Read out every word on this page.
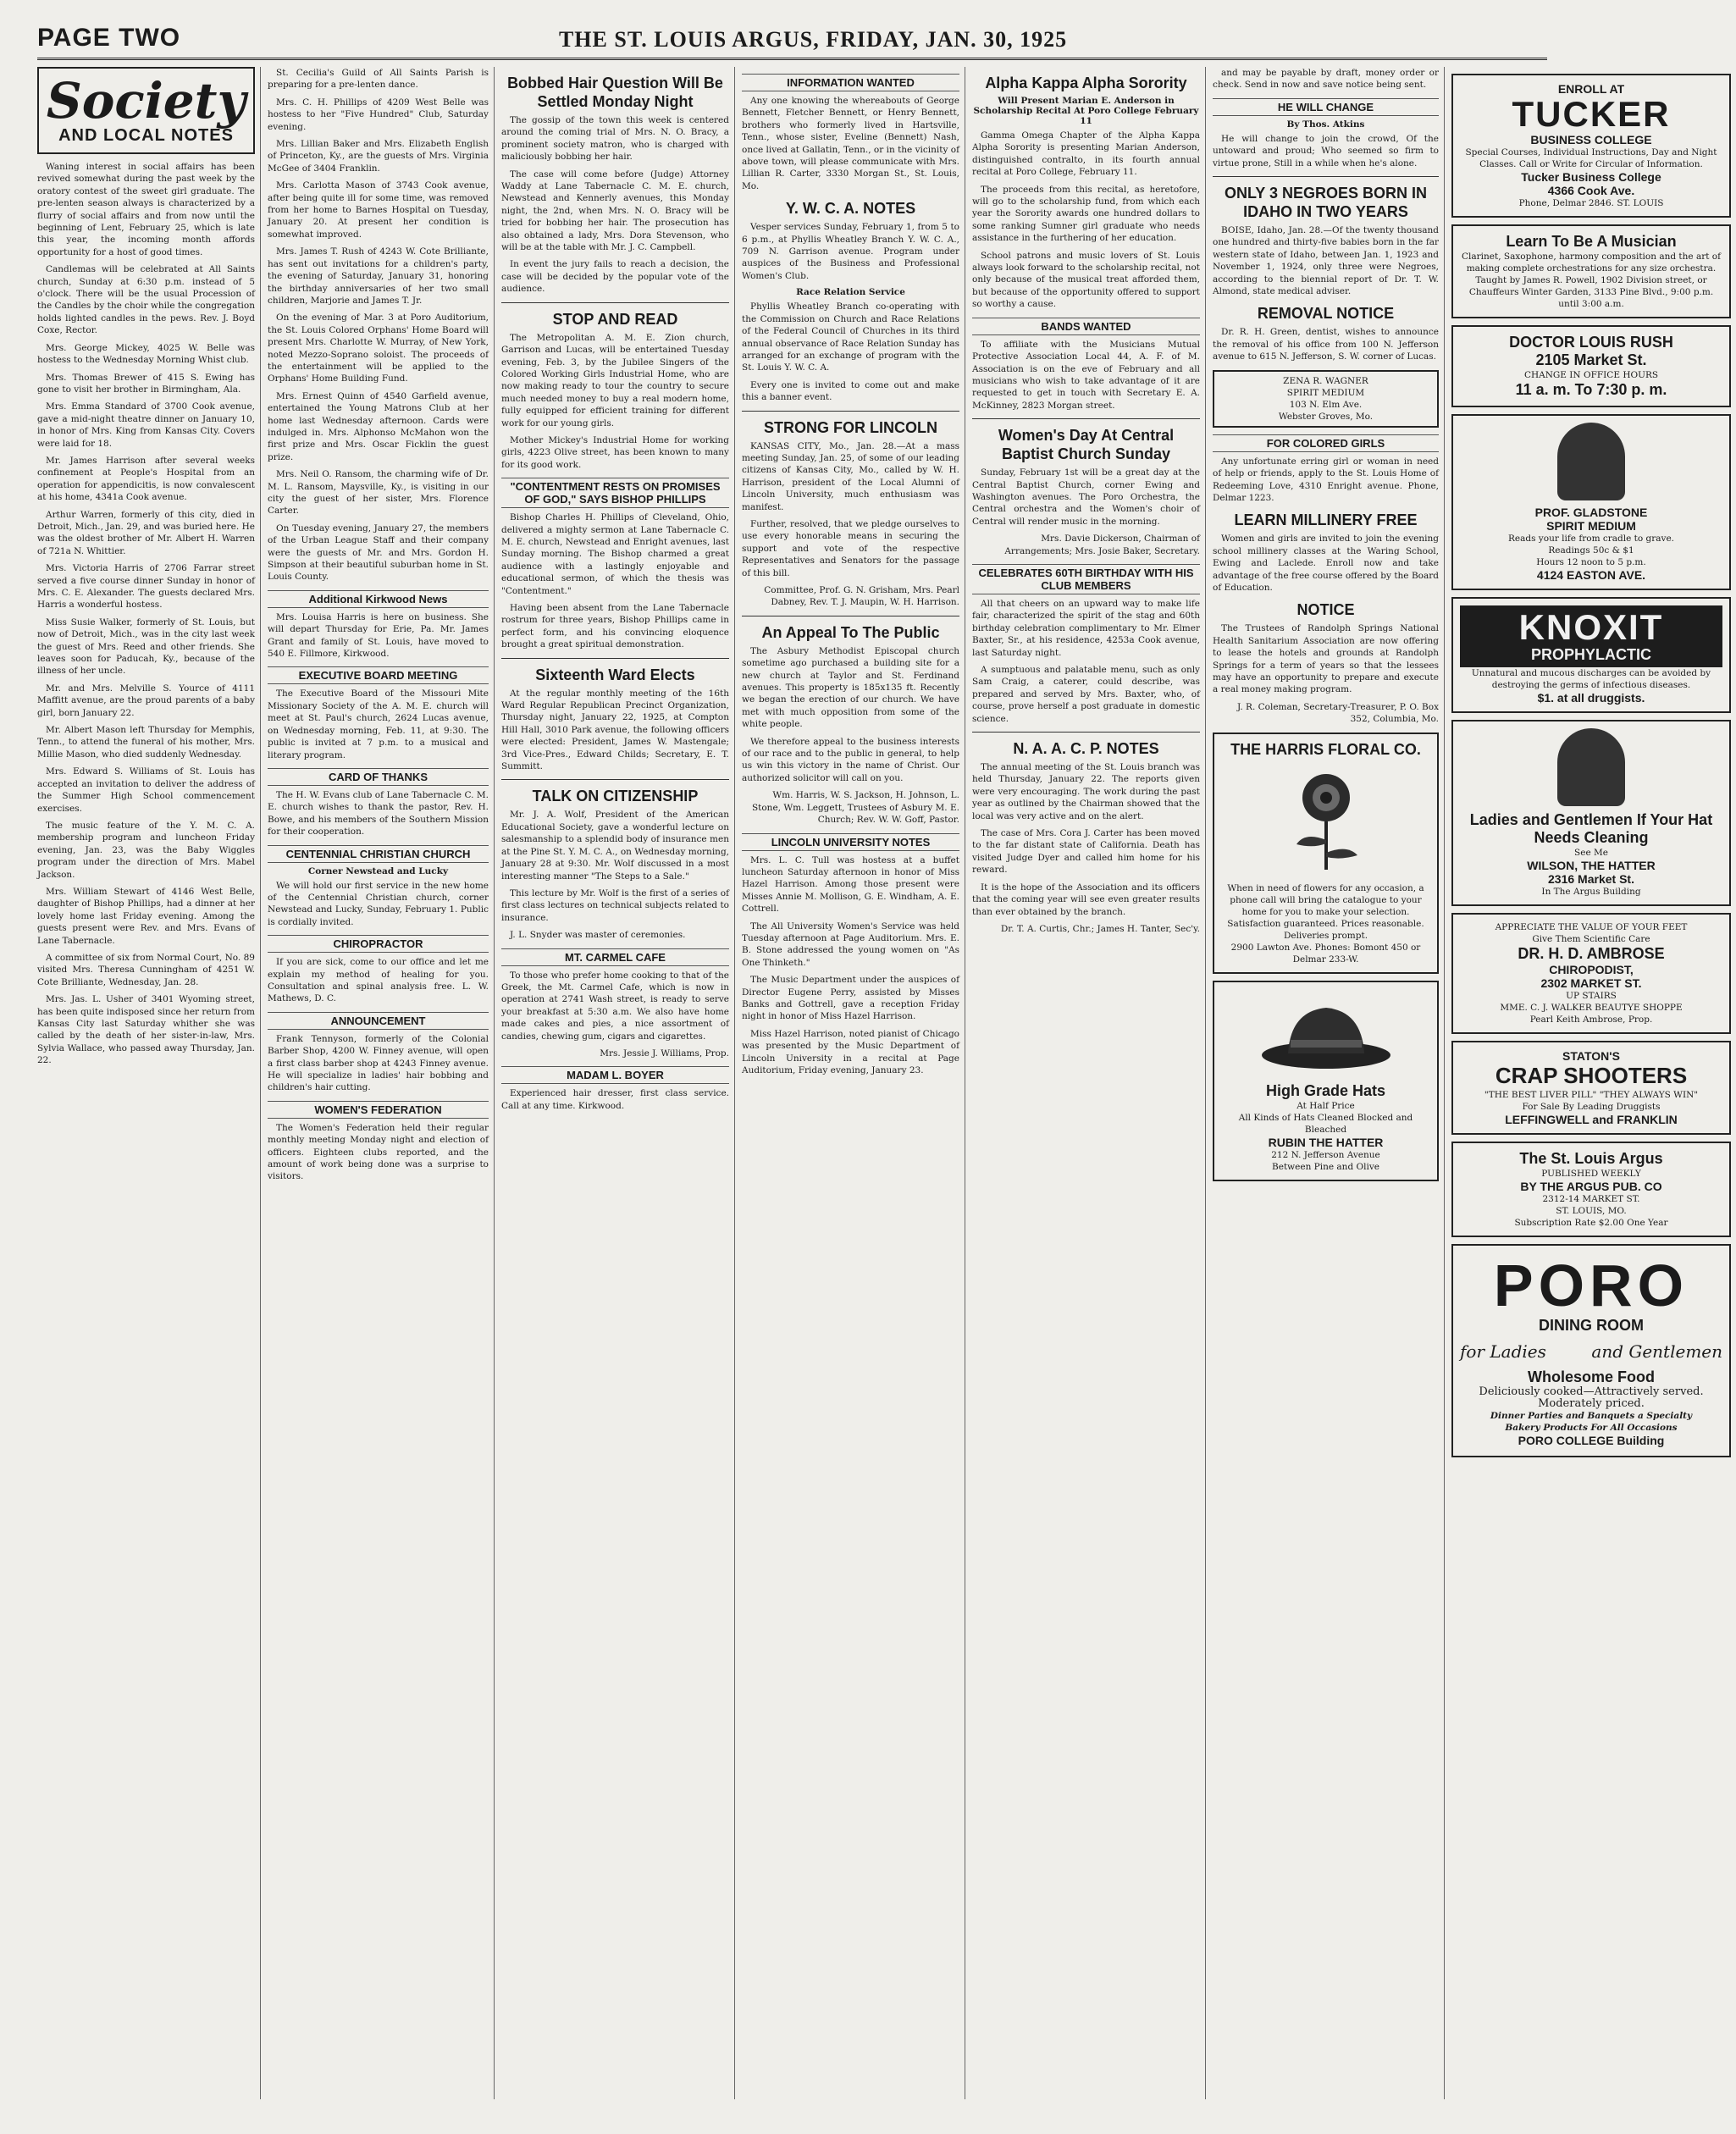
PAGE TWO	THE ST. LOUIS ARGUS, FRIDAY, JAN. 30, 1925
Society
AND LOCAL NOTES

Waning interest in social affairs has been revived somewhat during the past week by the oratory contest of the sweet girl graduate. The pre-lenten season always is characterized by a flurry of social affairs and from now until the beginning of Lent, February 25, which is late this year, the incoming month affords opportunity for a host of good times.

Candlemas will be celebrated at All Saints church, Sunday at 6:30 p.m. instead of 5 o'clock. There will be the usual Procession of the Candles by the choir while the congregation holds lighted candles in the pews. Rev. J. Boyd Coxe, Rector.

Mrs. George Mickey, 4025 W. Belle was hostess to the Wednesday Morning Whist club.

Mrs. Thomas Brewer of 415 S. Ewing has gone to visit her brother in Birmingham, Ala.

Mrs. Emma Standard of 3700 Cook avenue, gave a mid-night theatre dinner on January 10, in honor of Mrs. King from Kansas City. Covers were laid for 18.

Mr. James Harrison after several weeks confinement at People's Hospital from an operation for appendicitis, is now convalescent at his home, 4341a Cook avenue.

Arthur Warren, formerly of this city, died in Detroit, Mich., Jan. 29, and was buried here. He was the oldest brother of Mr. Albert H. Warren of 721a N. Whittier.

Mrs. Victoria Harris of 2706 Farrar street served a five course dinner Sunday in honor of Mrs. C. E. Alexander. The guests declared Mrs. Harris a wonderful hostess.

Miss Susie Walker, formerly of St. Louis, but now of Detroit, Mich., was in the city last week the guest of Mrs. Reed and other friends. She leaves soon for Paducah, Ky., because of the illness of her uncle.

Mr. and Mrs. Melville S. Yource of 4111 Maffitt avenue, are the proud parents of a baby girl, born January 22.

Mr. Albert Mason left Thursday for Memphis, Tenn., to attend the funeral of his mother, Mrs. Millie Mason, who died suddenly Wednesday.

Mrs. Edward S. Williams of St. Louis has accepted an invitation to deliver the address of the Summer High School commencement exercises.

The music feature of the Y. M. C. A. membership program and luncheon Friday evening, Jan. 23, was the Baby Wiggles program under the direction of Mrs. Mabel Jackson.

Mrs. William Stewart of 4146 West Belle, daughter of Bishop Phillips, had a dinner at her lovely home last Friday evening. Among the guests present were Rev. and Mrs. Evans of Lane Tabernacle.

A committee of six from Normal Court, No. 89 visited Mrs. Theresa Cunningham of 4251 W. Cote Brilliante, Wednesday, Jan. 28.

Mrs. Jas. L. Usher of 3401 Wyoming street, has been quite indisposed since her return from Kansas City last Saturday whither she was called by the death of her sister-in-law, Mrs. Sylvia Wallace, who passed away Thursday, Jan. 22.

St. Cecilia's Guild of All Saints Parish is preparing for a pre-lenten dance.

Mrs. C. H. Phillips of 4209 West Belle was hostess to her "Five Hundred" Club, Saturday evening.

Mrs. Lillian Baker and Mrs. Elizabeth English of Princeton, Ky., are the guests of Mrs. Virginia McGee of 3404 Franklin.

Mrs. Carlotta Mason of 3743 Cook avenue, after being quite ill for some time, was removed from her home to Barnes Hospital on Tuesday, January 20. At present her condition is somewhat improved.

Mrs. James T. Rush of 4243 W. Cote Brilliante, has sent out invitations for a children's party, the evening of Saturday, January 31, honoring the birthday anniversaries of her two small children, Marjorie and James T. Jr.

On the evening of Mar. 3 at Poro Auditorium, the St. Louis Colored Orphans' Home Board will present Mrs. Charlotte W. Murray, of New York, noted Mezzo-Soprano soloist. The proceeds of the entertainment will be applied to the Orphans' Home Building Fund.

Mrs. Ernest Quinn of 4540 Garfield avenue, entertained the Young Matrons Club at her home last Wednesday afternoon. Cards were indulged in. Mrs. Alphonso McMahon won the first prize and Mrs. Oscar Ficklin the guest prize.

Mrs. Neil O. Ransom, the charming wife of Dr. M. L. Ransom, Maysville, Ky., is visiting in our city the guest of her sister, Mrs. Florence Carter.

On Tuesday evening, January 27, the members of the Urban League Staff and their company were the guests of Mr. and Mrs. Gordon H. Simpson at their beautiful suburban home in St. Louis County.

Additional Kirkwood News

Mrs. Louisa Harris is here on business. She will depart Thursday for Erie, Pa. Mr. James Grant and family of St. Louis, have moved to 540 E. Fillmore, Kirkwood.

EXECUTIVE BOARD MEETING

The Executive Board of the Missouri Mite Missionary Society of the A. M. E. church will meet at St. Paul's church, 2624 Lucas avenue, on Wednesday morning, Feb. 11, at 9:30. The public is invited at 7 p.m. to a musical and literary program.

CARD OF THANKS

The H. W. Evans club of Lane Tabernacle C. M. E. church wishes to thank the pastor, Rev. H. Bowe, and his members of the Southern Mission for their cooperation.

CENTENNIAL CHRISTIAN CHURCH
Corner Newstead and Lucky

We will hold our first service in the new home of the Centennial Christian church, corner Newstead and Lucky, Sunday, February 1. Public is cordially invited.

CHIROPRACTOR

If you are sick, come to our office and let me explain my method of healing for you. Consultation and spinal analysis free. L. W. Mathews, D. C.

ANNOUNCEMENT

Frank Tennyson, formerly of the Colonial Barber Shop, 4200 W. Finney avenue, will open a first class barber shop at 4243 Finney avenue. He will specialize in ladies' hair bobbing and children's hair cutting.

WOMEN'S FEDERATION

The Women's Federation held their regular monthly meeting Monday night and election of officers. Eighteen clubs reported, and the amount of work being done was a surprise to visitors.

Bobbed Hair Question Will Be Settled Monday Night

The gossip of the town this week is centered around the coming trial of Mrs. N. O. Bracy, a prominent society matron, who is charged with maliciously bobbing her hair.

The case will come before (Judge) Attorney Waddy at Lane Tabernacle C. M. E. church, Newstead and Kennerly avenues, this Monday night, the 2nd, when Mrs. N. O. Bracy will be tried for bobbing her hair. The prosecution has also obtained a lady, Mrs. Dora Stevenson, who will be at the table with Mr. J. C. Campbell.

In event the jury fails to reach a decision, the case will be decided by the popular vote of the audience.

STOP AND READ

The Metropolitan A. M. E. Zion church, Garrison and Lucas, will be entertained Tuesday evening, Feb. 3, by the Jubilee Singers of the Colored Working Girls Industrial Home, who are now making ready to tour the country to secure much needed money to buy a real modern home, fully equipped for efficient training for different work for our young girls.

Mother Mickey's Industrial Home for working girls, 4223 Olive street, has been known to many for its good work.

"CONTENTMENT RESTS ON PROMISES OF GOD," SAYS BISHOP PHILLIPS

Bishop Charles H. Phillips of Cleveland, Ohio, delivered a mighty sermon at Lane Tabernacle C. M. E. church, Newstead and Enright avenues, last Sunday morning. The Bishop charmed a great audience with a lastingly enjoyable and educational sermon, of which the thesis was "Contentment."

Having been absent from the Lane Tabernacle rostrum for three years, Bishop Phillips came in perfect form, and his convincing eloquence brought a great spiritual demonstration.

Sixteenth Ward Elects

At the regular monthly meeting of the 16th Ward Regular Republican Precinct Organization, Thursday night, January 22, 1925, at Compton Hill Hall, 3010 Park avenue, the following officers were elected: President, James W. Mastengale; 3rd Vice-Pres., Edward Childs; Secretary, E. T. Summitt.

TALK ON CITIZENSHIP

Mr. J. A. Wolf, President of the American Educational Society, gave a wonderful lecture on salesmanship to a splendid body of insurance men at the Pine St. Y. M. C. A., on Wednesday morning, January 28 at 9:30. Mr. Wolf discussed in a most interesting manner "The Steps to a Sale."

This lecture by Mr. Wolf is the first of a series of first class lectures on technical subjects related to insurance.

J. L. Snyder was master of ceremonies.

MT. CARMEL CAFE

To those who prefer home cooking to that of the Greek, the Mt. Carmel Cafe, which is now in operation at 2741 Wash street, is ready to serve your breakfast at 5:30 a.m. We also have home made cakes and pies, a nice assortment of candies, chewing gum, cigars and cigarettes.

Mrs. Jessie J. Williams, Prop.

MADAM L. BOYER

Experienced hair dresser, first class service. Call at any time. Kirkwood.

INFORMATION WANTED

Any one knowing the whereabouts of George Bennett, Fletcher Bennett, or Henry Bennett, brothers who formerly lived in Hartsville, Tenn., whose sister, Eveline (Bennett) Nash, once lived at Gallatin, Tenn., or in the vicinity of above town, will please communicate with Mrs. Lillian R. Carter, 3330 Morgan St., St. Louis, Mo.

Y. W. C. A. NOTES

Vesper services Sunday, February 1, from 5 to 6 p.m., at Phyllis Wheatley Branch Y. W. C. A., 709 N. Garrison avenue. Program under auspices of the Business and Professional Women's Club.

Race Relation Service

Phyllis Wheatley Branch co-operating with the Commission on Church and Race Relations of the Federal Council of Churches in its third annual observance of Race Relation Sunday has arranged for an exchange of program with the St. Louis Y. W. C. A.

Every one is invited to come out and make this a banner event.

STRONG FOR LINCOLN

KANSAS CITY, Mo., Jan. 28.—At a mass meeting Sunday, Jan. 25, of some of our leading citizens of Kansas City, Mo., called by W. H. Harrison, president of the Local Alumni of Lincoln University, much enthusiasm was manifest.

Further, resolved, that we pledge ourselves to use every honorable means in securing the support and vote of the respective Representatives and Senators for the passage of this bill.

Committee, Prof. G. N. Grisham, Mrs. Pearl Dabney, Rev. T. J. Maupin, W. H. Harrison.

An Appeal To The Public

The Asbury Methodist Episcopal church sometime ago purchased a building site for a new church at Taylor and St. Ferdinand avenues. This property is 185x135 ft. Recently we began the erection of our church. We have met with much opposition from some of the white people.

We therefore appeal to the business interests of our race and to the public in general, to help us win this victory in the name of Christ. Our authorized solicitor will call on you.

Wm. Harris, W. S. Jackson, H. Johnson, L. Stone, Wm. Leggett, Trustees of Asbury M. E. Church; Rev. W. W. Goff, Pastor.

LINCOLN UNIVERSITY NOTES

Mrs. L. C. Tull was hostess at a buffet luncheon Saturday afternoon in honor of Miss Hazel Harrison. Among those present were Misses Annie M. Mollison, G. E. Windham, A. E. Cottrell.

The All University Women's Service was held Tuesday afternoon at Page Auditorium. Mrs. E. B. Stone addressed the young women on "As One Thinketh."

The Music Department under the auspices of Director Eugene Perry, assisted by Misses Banks and Gottrell, gave a reception Friday night in honor of Miss Hazel Harrison.

Miss Hazel Harrison, noted pianist of Chicago was presented by the Music Department of Lincoln University in a recital at Page Auditorium, Friday evening, January 23.

Alpha Kappa Alpha Sorority
Will Present Marian E. Anderson in Scholarship Recital At Poro College February 11

Gamma Omega Chapter of the Alpha Kappa Alpha Sorority is presenting Marian Anderson, distinguished contralto, in its fourth annual recital at Poro College, February 11.

The proceeds from this recital, as heretofore, will go to the scholarship fund, from which each year the Sorority awards one hundred dollars to some ranking Sumner girl graduate who needs assistance in the furthering of her education.

School patrons and music lovers of St. Louis always look forward to the scholarship recital, not only because of the musical treat afforded them, but because of the opportunity offered to support so worthy a cause.

BANDS WANTED

To affiliate with the Musicians Mutual Protective Association Local 44, A. F. of M. Association is on the eve of February and all musicians who wish to take advantage of it are requested to get in touch with Secretary E. A. McKinney, 2823 Morgan street.

Women's Day At Central Baptist Church Sunday

Sunday, February 1st will be a great day at the Central Baptist Church, corner Ewing and Washington avenues. The Poro Orchestra, the Central orchestra and the Women's choir of Central will render music in the morning.

Mrs. Davie Dickerson, Chairman of Arrangements; Mrs. Josie Baker, Secretary.

CELEBRATES 60TH BIRTHDAY WITH HIS CLUB MEMBERS

All that cheers on an upward way to make life fair, characterized the spirit of the stag and 60th birthday celebration complimentary to Mr. Elmer Baxter, Sr., at his residence, 4253a Cook avenue, last Saturday night.

A sumptuous and palatable menu, such as only Sam Craig, a caterer, could describe, was prepared and served by Mrs. Baxter, who, of course, prove herself a post graduate in domestic science.

N. A. A. C. P. NOTES

The annual meeting of the St. Louis branch was held Thursday, January 22. The reports given were very encouraging. The work during the past year as outlined by the Chairman showed that the local was very active and on the alert.

The case of Mrs. Cora J. Carter has been moved to the far distant state of California. Death has visited Judge Dyer and called him home for his reward.

It is the hope of the Association and its officers that the coming year will see even greater results than ever obtained by the branch.

Dr. T. A. Curtis, Chr.; James H. Tanter, Sec'y.

and may be payable by draft, money order or check. Send in now and save notice being sent.

HE WILL CHANGE
By Thos. Atkins

He will change to join the crowd, Of the untoward and proud; Who seemed so firm to virtue prone, Still in a while when he's alone.

ONLY 3 NEGROES BORN IN IDAHO IN TWO YEARS

BOISE, Idaho, Jan. 28.—Of the twenty thousand one hundred and thirty-five babies born in the far western state of Idaho, between Jan. 1, 1923 and November 1, 1924, only three were Negroes, according to the biennial report of Dr. T. W. Almond, state medical adviser.

REMOVAL NOTICE

Dr. R. H. Green, dentist, wishes to announce the removal of his office from 100 N. Jefferson avenue to 615 N. Jefferson, S. W. corner of Lucas.

ZENA R. WAGNER
SPIRIT MEDIUM
103 N. Elm Ave.
Webster Groves, Mo.
FOR COLORED GIRLS

Any unfortunate erring girl or woman in need of help or friends, apply to the St. Louis Home of Redeeming Love, 4310 Enright avenue. Phone, Delmar 1223.

LEARN MILLINERY FREE

Women and girls are invited to join the evening school millinery classes at the Waring School, Ewing and Laclede. Enroll now and take advantage of the free course offered by the Board of Education.

NOTICE

The Trustees of Randolph Springs National Health Sanitarium Association are now offering to lease the hotels and grounds at Randolph Springs for a term of years so that the lessees may have an opportunity to prepare and execute a real money making program.

J. R. Coleman, Secretary-Treasurer, P. O. Box 352, Columbia, Mo.

THE HARRIS FLORAL CO.
When in need of flowers for any occasion, a phone call will bring the catalogue to your home for you to make your selection. Satisfaction guaranteed. Prices reasonable. Deliveries prompt.
2900 Lawton Ave. Phones: Bomont 450 or Delmar 233-W.
High Grade Hats
At Half Price
All Kinds of Hats Cleaned Blocked and Bleached
RUBIN THE HATTER
212 N. Jefferson Avenue
Between Pine and Olive
ENROLL AT
TUCKER
BUSINESS COLLEGE
Special Courses, Individual Instructions, Day and Night Classes. Call or Write for Circular of Information.
Tucker Business College
4366 Cook Ave.
Phone, Delmar 2846. ST. LOUIS
Learn To Be A Musician
Clarinet, Saxophone, harmony composition and the art of making complete orchestrations for any size orchestra. Taught by James R. Powell, 1902 Division street, or Chauffeurs Winter Garden, 3133 Pine Blvd., 9:00 p.m. until 3:00 a.m.
DOCTOR LOUIS RUSH
2105 Market St.
CHANGE IN OFFICE HOURS
11 a. m. To 7:30 p. m.
PROF. GLADSTONE
SPIRIT MEDIUM
Reads your life from cradle to grave.
Readings 50c & $1
Hours 12 noon to 5 p.m.
4124 EASTON AVE.
KNOXIT
PROPHYLACTIC
Unnatural and mucous discharges can be avoided by destroying the germs of infectious diseases.
$1. at all druggists.
Ladies and Gentlemen If Your Hat Needs Cleaning
See Me
WILSON, THE HATTER
2316 Market St.
In The Argus Building
APPRECIATE THE VALUE OF YOUR FEET
Give Them Scientific Care
DR. H. D. AMBROSE
CHIROPODIST,
2302 MARKET ST.
UP STAIRS
MME. C. J. WALKER BEAUTYE SHOPPE
Pearl Keith Ambrose, Prop.
STATON'S
CRAP SHOOTERS
"THE BEST LIVER PILL" "THEY ALWAYS WIN"
For Sale By Leading Druggists
LEFFINGWELL and FRANKLIN
The St. Louis Argus
PUBLISHED WEEKLY
BY THE ARGUS PUB. CO
2312-14 MARKET ST.
ST. LOUIS, MO.
Subscription Rate $2.00 One Year
PORO
DINING ROOM
for Ladies	and Gentlemen
Wholesome Food
Deliciously cooked—Attractively served.
Moderately priced.
Dinner Parties and Banquets a Specialty
Bakery Products For All Occasions
PORO COLLEGE Building
